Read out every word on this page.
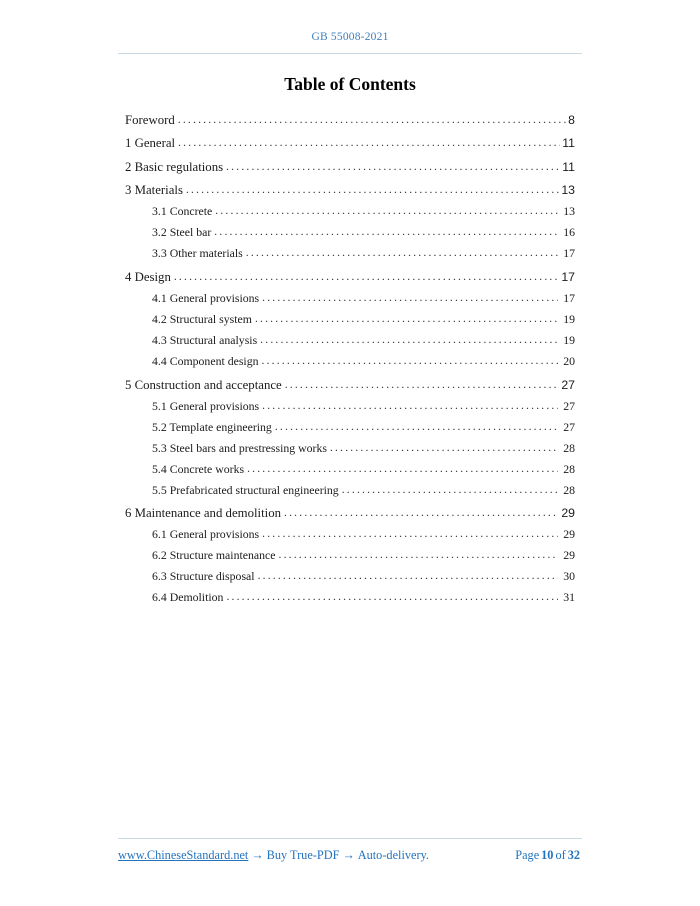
GB 55008-2021
Table of Contents
Foreword .....	8
1 General .....	11
2 Basic regulations .....	11
3 Materials .....	13
3.1 Concrete .....	13
3.2 Steel bar .....	16
3.3 Other materials .....	17
4 Design .....	17
4.1 General provisions .....	17
4.2 Structural system .....	19
4.3 Structural analysis .....	19
4.4 Component design .....	20
5 Construction and acceptance .....	27
5.1 General provisions .....	27
5.2 Template engineering .....	27
5.3 Steel bars and prestressing works .....	28
5.4 Concrete works .....	28
5.5 Prefabricated structural engineering .....	28
6 Maintenance and demolition .....	29
6.1 General provisions .....	29
6.2 Structure maintenance .....	29
6.3 Structure disposal .....	30
6.4 Demolition .....	31
www.ChineseStandard.net → Buy True-PDF → Auto-delivery.	Page 10 of 32
